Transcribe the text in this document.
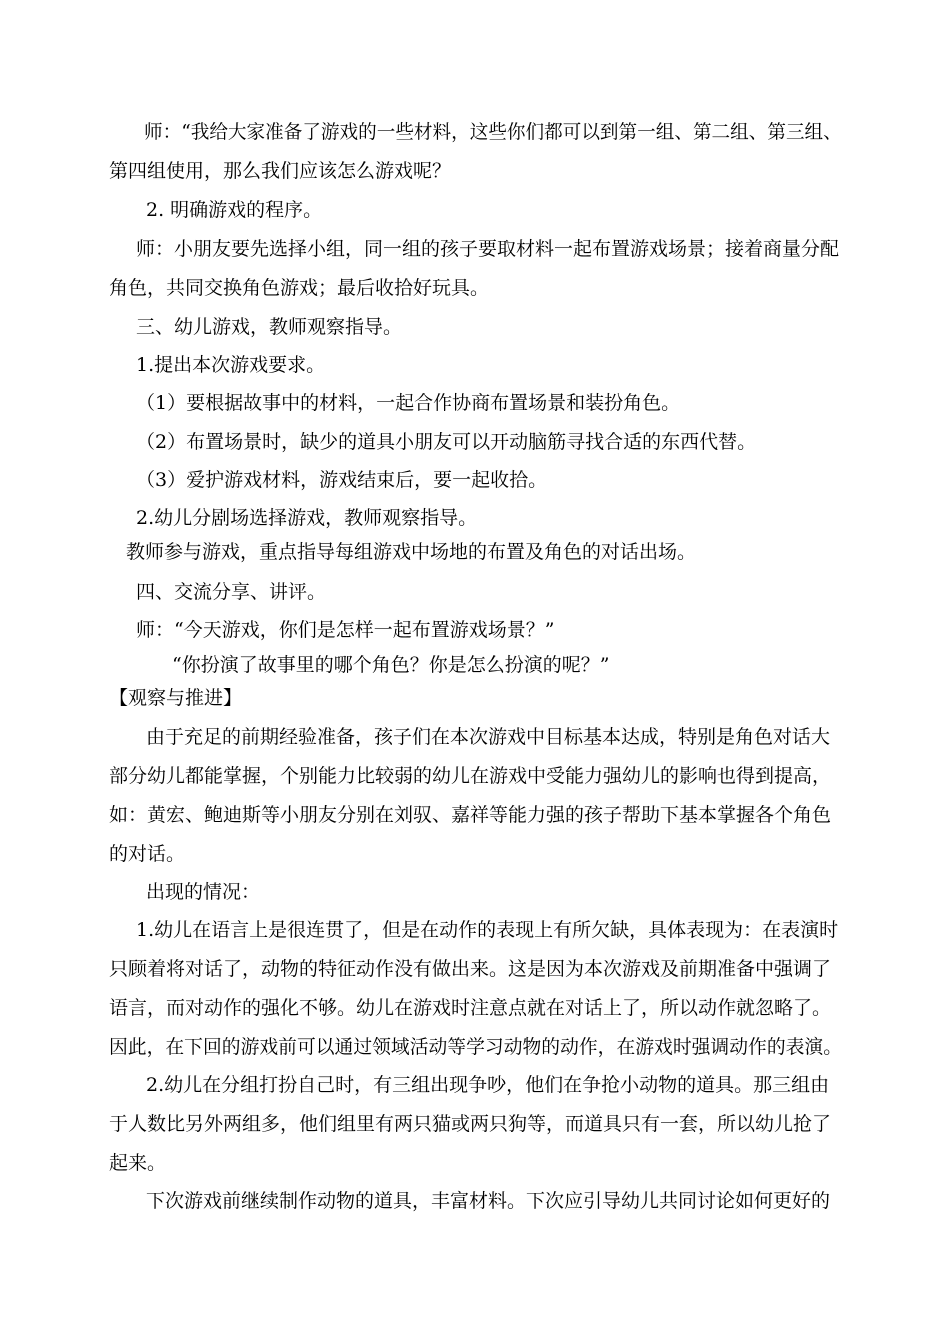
师：“我给大家准备了游戏的一些材料，这些你们都可以到第一组、第二组、第三组、
第四组使用，那么我们应该怎么游戏呢？
2. 明确游戏的程序。
师：小朋友要先选择小组，同一组的孩子要取材料一起布置游戏场景；接着商量分配
角色，共同交换角色游戏；最后收拾好玩具。
三、幼儿游戏，教师观察指导。
1.提出本次游戏要求。
（1）要根据故事中的材料，一起合作协商布置场景和装扮角色。
（2）布置场景时，缺少的道具小朋友可以开动脑筋寻找合适的东西代替。
（3）爱护游戏材料，游戏结束后，要一起收拾。
2.幼儿分剧场选择游戏，教师观察指导。
教师参与游戏，重点指导每组游戏中场地的布置及角色的对话出场。
四、交流分享、讲评。
师：“今天游戏，你们是怎样一起布置游戏场景？”
“你扮演了故事里的哪个角色？你是怎么扮演的呢？”
【观察与推进】
由于充足的前期经验准备，孩子们在本次游戏中目标基本达成，特别是角色对话大
部分幼儿都能掌握，个别能力比较弱的幼儿在游戏中受能力强幼儿的影响也得到提高，
如：黄宏、鲍迪斯等小朋友分别在刘驭、嘉祥等能力强的孩子帮助下基本掌握各个角色
的对话。
出现的情况：
1.幼儿在语言上是很连贯了，但是在动作的表现上有所欠缺，具体表现为：在表演时
只顾着将对话了，动物的特征动作没有做出来。这是因为本次游戏及前期准备中强调了
语言，而对动作的强化不够。幼儿在游戏时注意点就在对话上了，所以动作就忽略了。
因此，在下回的游戏前可以通过领域活动等学习动物的动作，在游戏时强调动作的表演。
2.幼儿在分组打扮自己时，有三组出现争吵，他们在争抢小动物的道具。那三组由
于人数比另外两组多，他们组里有两只猫或两只狗等，而道具只有一套，所以幼儿抢了
起来。
下次游戏前继续制作动物的道具，丰富材料。下次应引导幼儿共同讨论如何更好的
